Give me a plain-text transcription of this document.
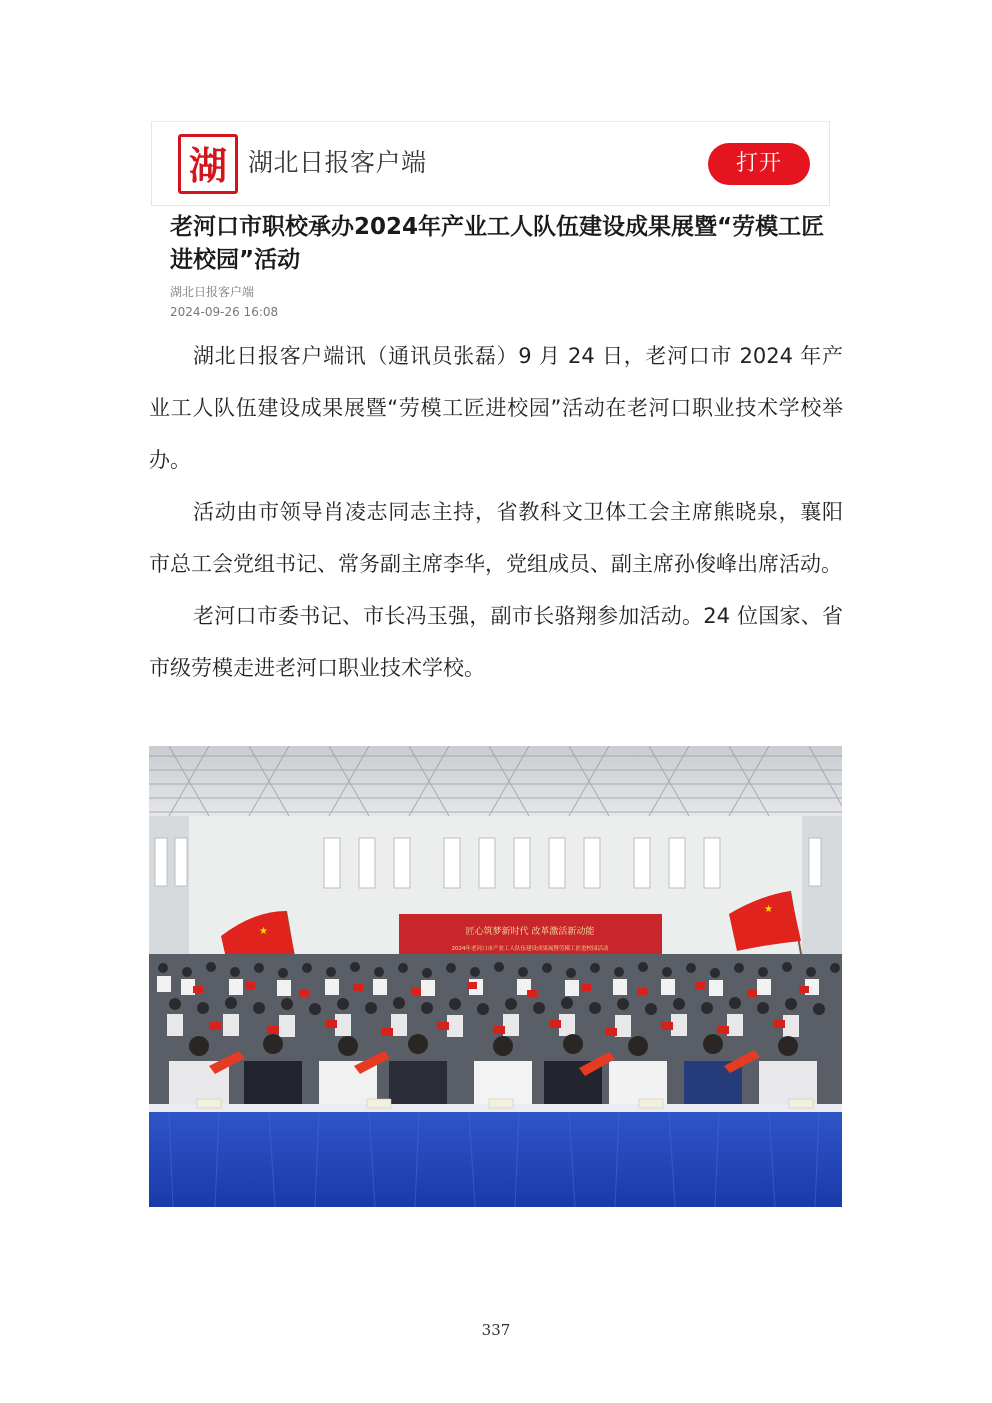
湖 湖北日报客户端	打开
老河口市职校承办2024年产业工人队伍建设成果展暨“劳模工匠进校园”活动
湖北日报客户端
2024-09-26 16:08

湖北日报客户端讯（通讯员张磊）9 月 24 日，老河口市 2024 年产业工人队伍建设成果展暨“劳模工匠进校园”活动在老河口职业技术学校举办。

活动由市领导肖凌志同志主持，省教科文卫体工会主席熊晓泉，襄阳市总工会党组书记、常务副主席李华，党组成员、副主席孙俊峰出席活动。

老河口市委书记、市长冯玉强，副市长骆翔参加活动。24 位国家、省市级劳模走进老河口职业技术学校。

匠心筑梦新时代 改革激活新动能
2024年老河口市产业工人队伍建设成果展暨劳模工匠进校园活动
★
★
337
